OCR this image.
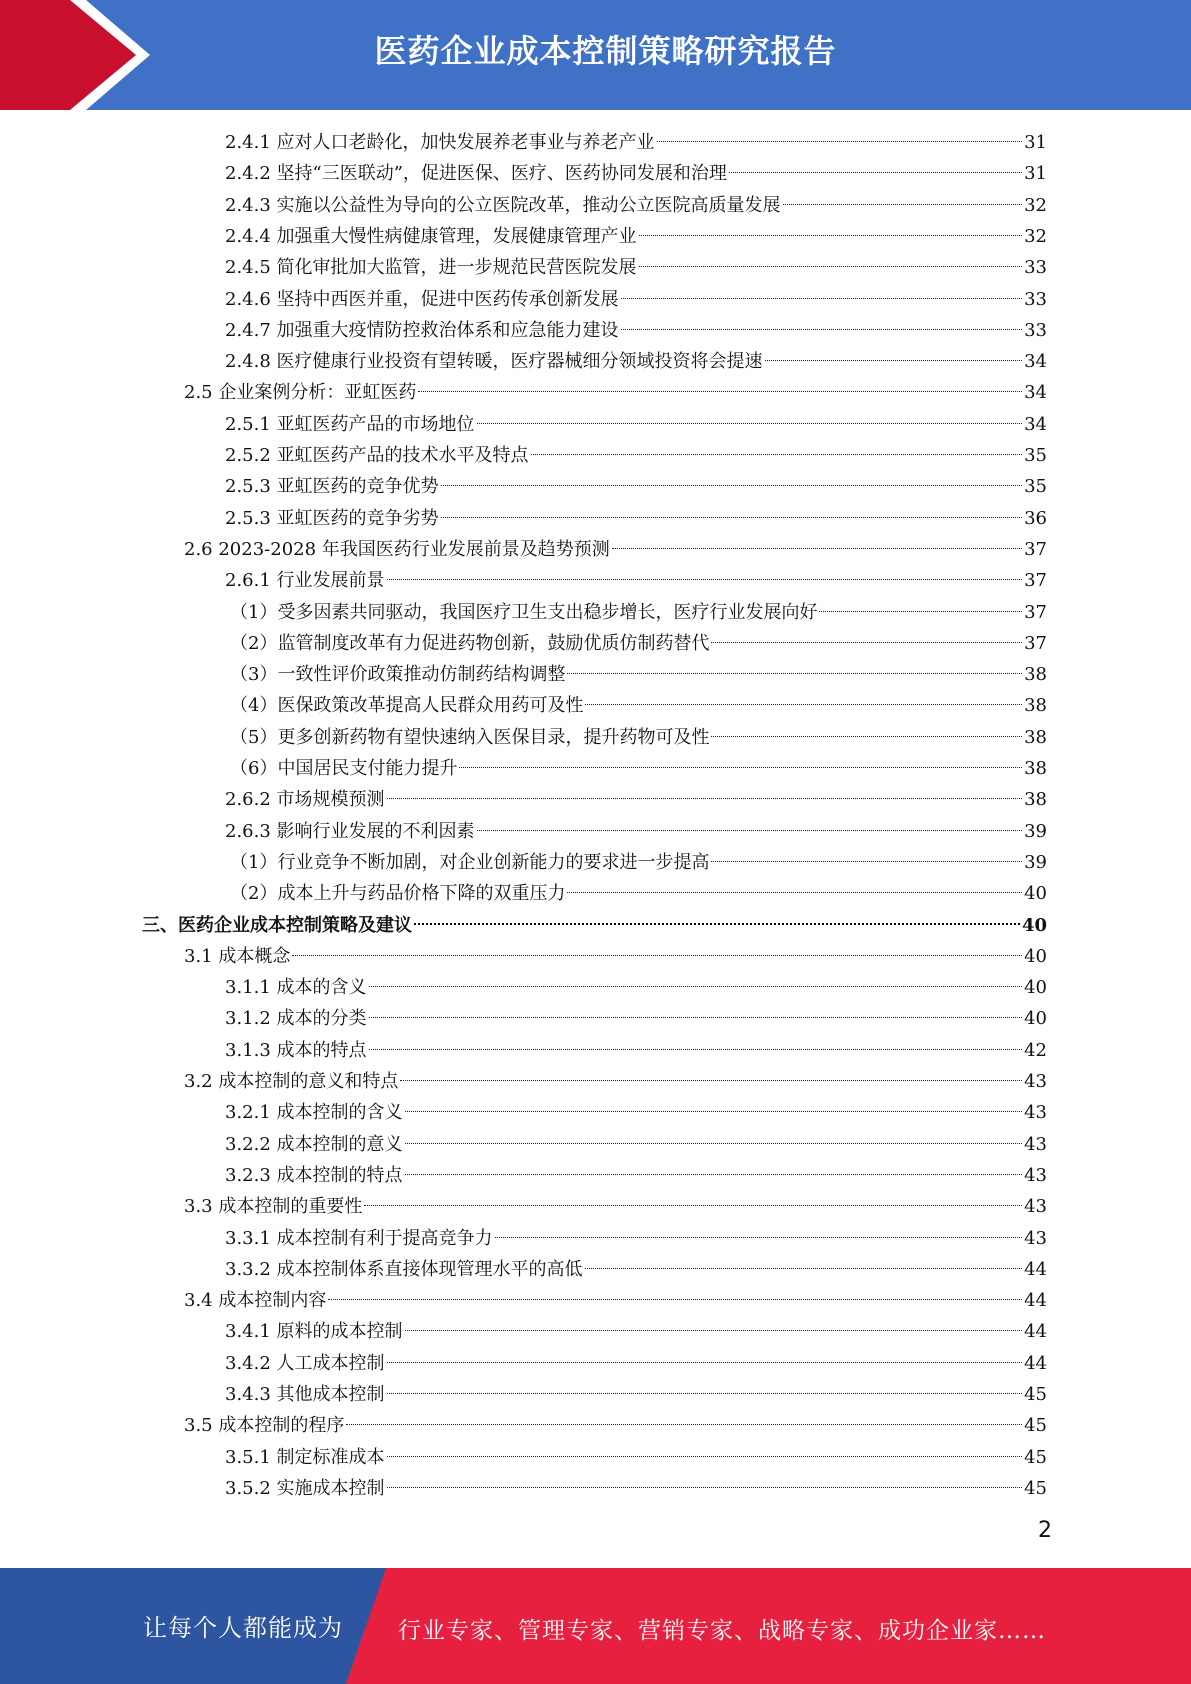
医药企业成本控制策略研究报告
2.4.1 应对人口老龄化，加快发展养老事业与养老产业	31
2.4.2 坚持“三医联动”，促进医保、医疗、医药协同发展和治理	31
2.4.3 实施以公益性为导向的公立医院改革，推动公立医院高质量发展	32
2.4.4 加强重大慢性病健康管理，发展健康管理产业	32
2.4.5 简化审批加大监管，进一步规范民营医院发展	33
2.4.6 坚持中西医并重，促进中医药传承创新发展	33
2.4.7 加强重大疫情防控救治体系和应急能力建设	33
2.4.8 医疗健康行业投资有望转暖，医疗器械细分领域投资将会提速	34
2.5 企业案例分析：亚虹医药	34
2.5.1 亚虹医药产品的市场地位	34
2.5.2 亚虹医药产品的技术水平及特点	35
2.5.3 亚虹医药的竞争优势	35
2.5.3 亚虹医药的竞争劣势	36
2.6 2023-2028 年我国医药行业发展前景及趋势预测	37
2.6.1 行业发展前景	37
（1）受多因素共同驱动，我国医疗卫生支出稳步增长，医疗行业发展向好	37
（2）监管制度改革有力促进药物创新，鼓励优质仿制药替代	37
（3）一致性评价政策推动仿制药结构调整	38
（4）医保政策改革提高人民群众用药可及性	38
（5）更多创新药物有望快速纳入医保目录，提升药物可及性	38
（6）中国居民支付能力提升	38
2.6.2 市场规模预测	38
2.6.3 影响行业发展的不利因素	39
（1）行业竞争不断加剧，对企业创新能力的要求进一步提高	39
（2）成本上升与药品价格下降的双重压力	40
三、医药企业成本控制策略及建议	40
3.1 成本概念	40
3.1.1 成本的含义	40
3.1.2 成本的分类	40
3.1.3 成本的特点	42
3.2 成本控制的意义和特点	43
3.2.1 成本控制的含义	43
3.2.2 成本控制的意义	43
3.2.3 成本控制的特点	43
3.3 成本控制的重要性	43
3.3.1 成本控制有利于提高竞争力	43
3.3.2 成本控制体系直接体现管理水平的高低	44
3.4 成本控制内容	44
3.4.1 原料的成本控制	44
3.4.2 人工成本控制	44
3.4.3 其他成本控制	45
3.5 成本控制的程序	45
3.5.1 制定标准成本	45
3.5.2 实施成本控制	45
2
让每个人都能成为 行业专家、管理专家、营销专家、战略专家、成功企业家……
